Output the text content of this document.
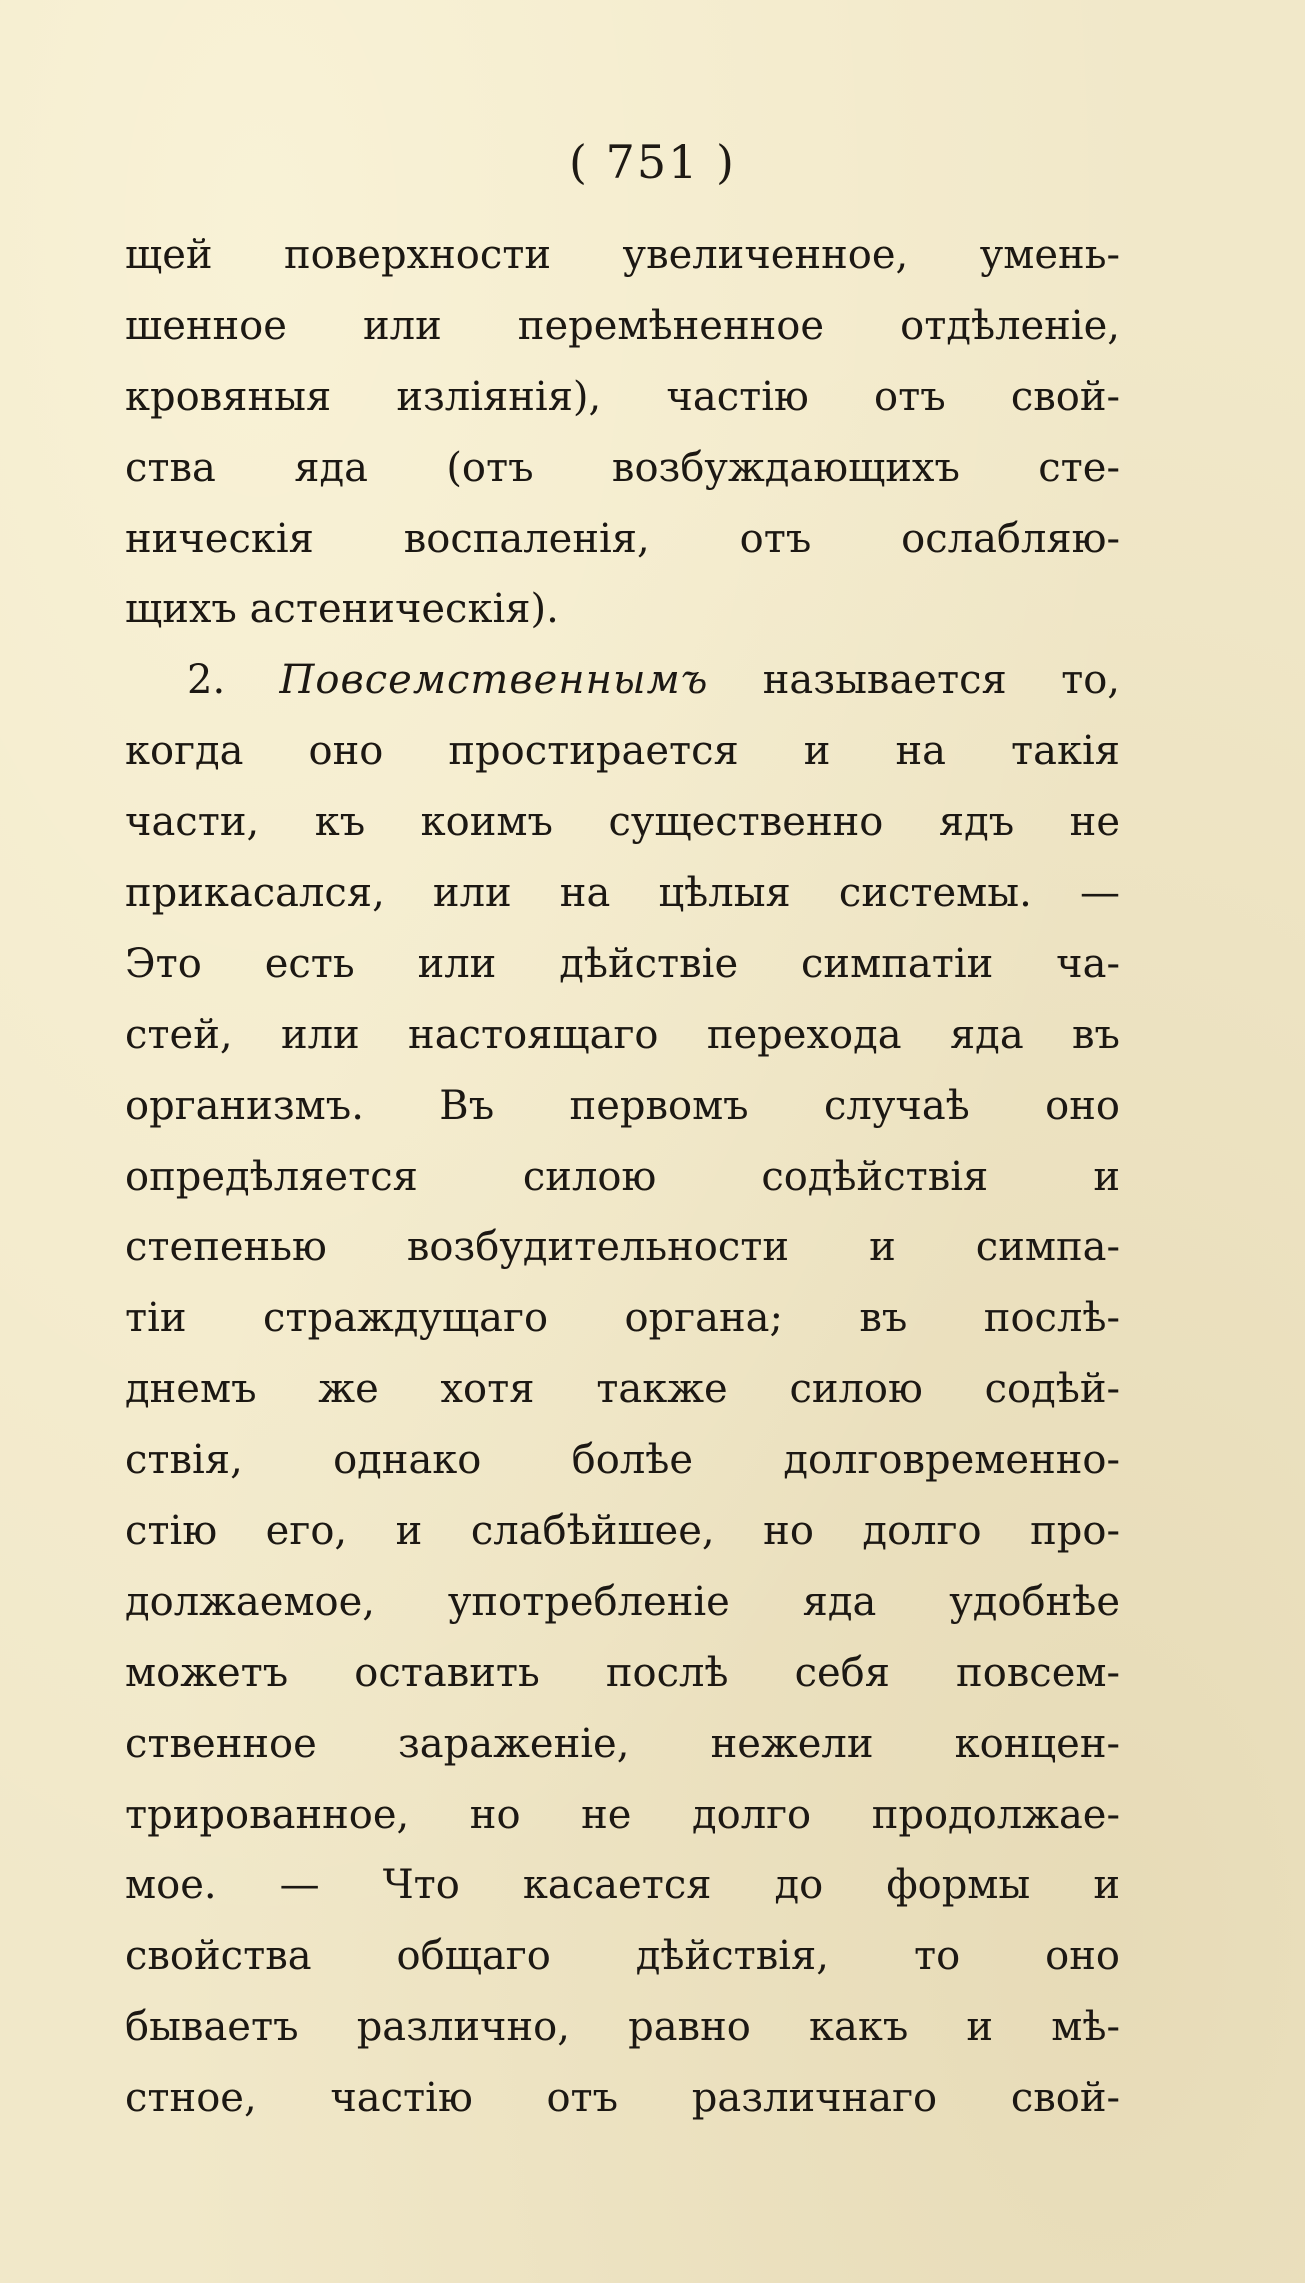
( 751 )
щей поверхности увеличенное, умень-
шенное или перемѣненное отдѣленіе,
кровяныя изліянія), частію отъ свой-
ства яда (отъ возбуждающихъ сте-
ническія воспаленія, отъ ослабляю-
щихъ астеническія).
2. Повсемственнымъ называется то,
когда оно простирается и на такія
части, къ коимъ существенно ядъ не
прикасался, или на цѣлыя системы. —
Это есть или дѣйствіе симпатіи ча-
стей, или настоящаго перехода яда въ
организмъ. Въ первомъ случаѣ оно
опредѣляется силою содѣйствія и
степенью возбудительности и симпа-
тіи страждущаго органа; въ послѣ-
днемъ же хотя также силою содѣй-
ствія, однако болѣе долговременно-
стію его, и слабѣйшее, но долго про-
должаемое, употребленіе яда удобнѣе
можетъ оставить послѣ себя повсем-
ственное зараженіе, нежели концен-
трированное, но не долго продолжае-
мое. — Что касается до формы и
свойства общаго дѣйствія, то оно
бываетъ различно, равно какъ и мѣ-
стное, частію отъ различнаго свой-
